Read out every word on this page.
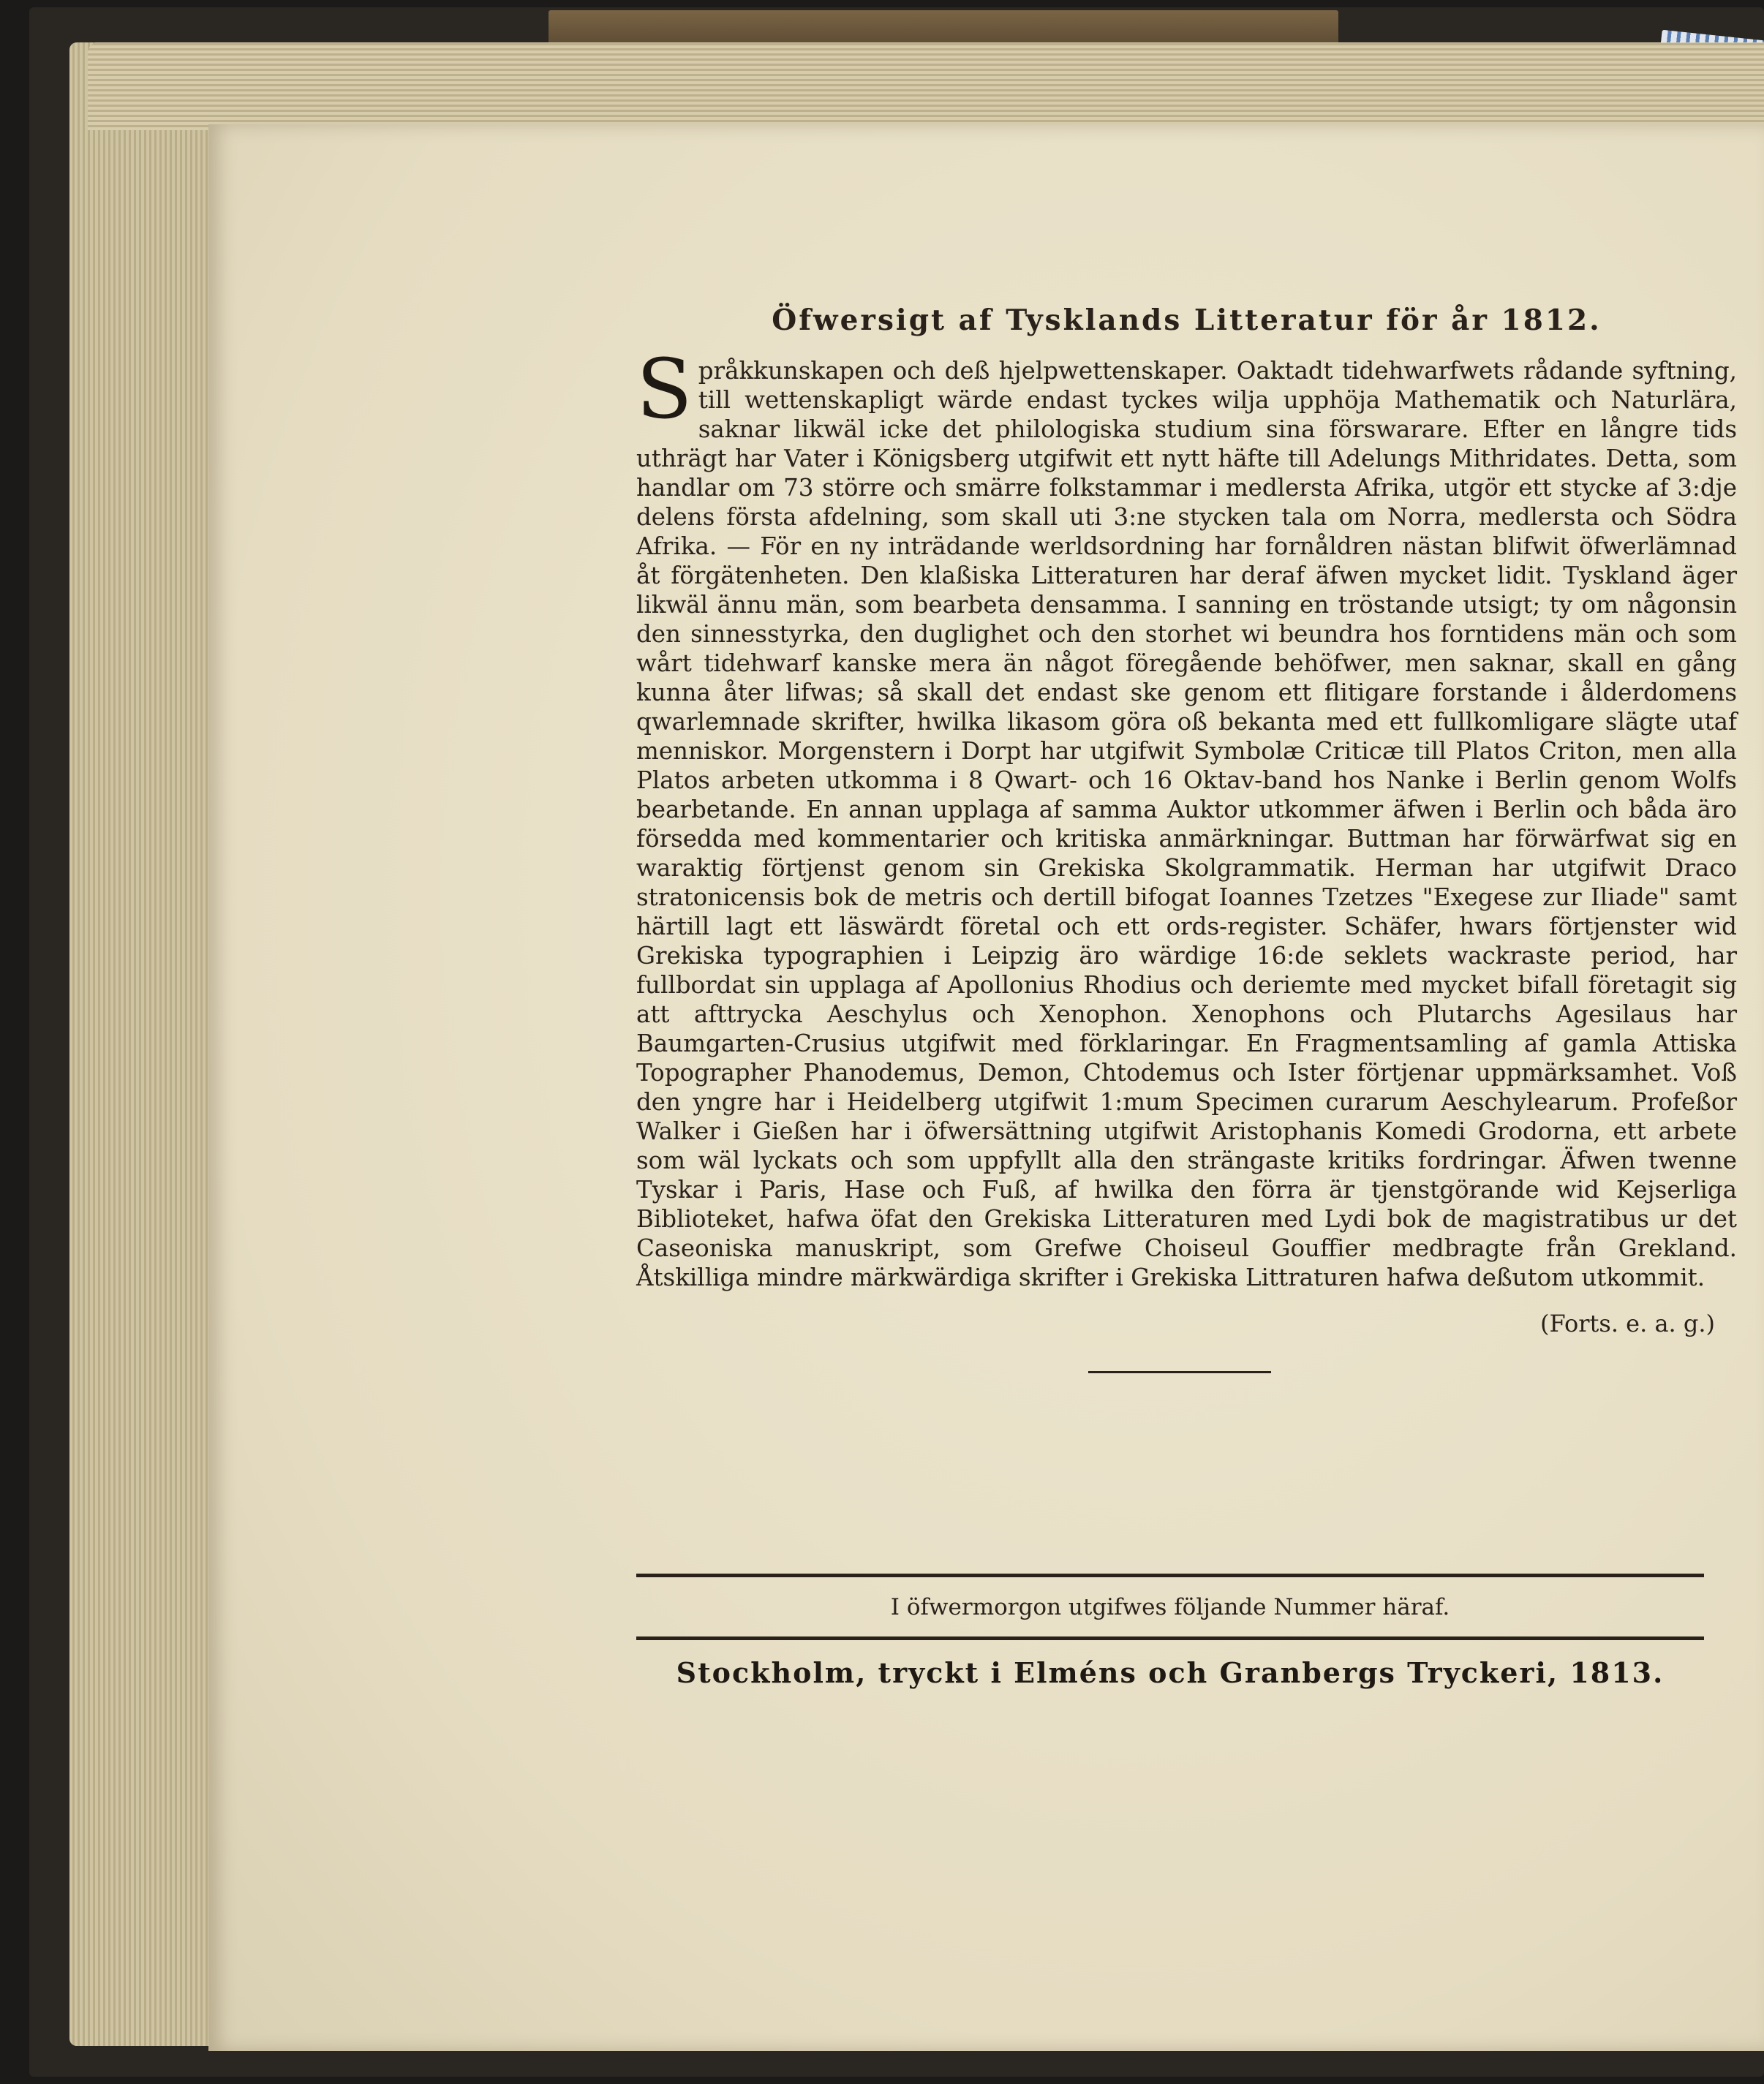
Öfwersigt af Tysklands Litteratur för år 1812.

Språkkunskapen och deß hjelpwettenskaper. Oaktadt tidehwarfwets rådande syftning, till wettenskapligt wärde endast tyckes wilja upphöja Mathematik och Naturlära, saknar likwäl icke det philologiska studium sina förswarare. Efter en långre tids uthrägt har Vater i Königsberg utgifwit ett nytt häfte till Adelungs Mithridates. Detta, som handlar om 73 större och smärre folkstammar i medlersta Afrika, utgör ett stycke af 3:dje delens första afdelning, som skall uti 3:ne stycken tala om Norra, medlersta och Södra Afrika. — För en ny inträdande werldsordning har fornåldren nästan blifwit öfwerlämnad åt förgätenheten. Den klaßiska Litteraturen har deraf äfwen mycket lidit. Tyskland äger likwäl ännu män, som bearbeta densamma. I sanning en tröstande utsigt; ty om någonsin den sinnesstyrka, den duglighet och den storhet wi beundra hos forntidens män och som wårt tidehwarf kanske mera än något föregående behöfwer, men saknar, skall en gång kunna åter lifwas; så skall det endast ske genom ett flitigare forstande i ålderdomens qwarlemnade skrifter, hwilka likasom göra oß bekanta med ett fullkomligare slägte utaf menniskor. Morgenstern i Dorpt har utgifwit Symbolæ Criticæ till Platos Criton, men alla Platos arbeten utkomma i 8 Qwart- och 16 Oktav-band hos Nanke i Berlin genom Wolfs bearbetande. En annan upplaga af samma Auktor utkommer äfwen i Berlin och båda äro försedda med kommentarier och kritiska anmärkningar. Buttman har förwärfwat sig en waraktig förtjenst genom sin Grekiska Skolgrammatik. Herman har utgifwit Draco stratonicensis bok de metris och dertill bifogat Ioannes Tzetzes "Exegese zur Iliade" samt härtill lagt ett läswärdt företal och ett ords-register. Schäfer, hwars förtjenster wid Grekiska typographien i Leipzig äro wärdige 16:de seklets wackraste period, har fullbordat sin upplaga af Apollonius Rhodius och deriemte med mycket bifall företagit sig att afttrycka Aeschylus och Xenophon. Xenophons och Plutarchs Agesilaus har Baumgarten-Crusius utgifwit med förklaringar. En Fragmentsamling af gamla Attiska Topographer Phanodemus, Demon, Chtodemus och Ister förtjenar uppmärksamhet. Voß den yngre har i Heidelberg utgifwit 1:mum Specimen curarum Aeschylearum. Profeßor Walker i Gießen har i öfwersättning utgifwit Aristophanis Komedi Grodorna, ett arbete som wäl lyckats och som uppfyllt alla den strängaste kritiks fordringar. Äfwen twenne Tyskar i Paris, Hase och Fuß, af hwilka den förra är tjenstgörande wid Kejserliga Biblioteket, hafwa öfat den Grekiska Litteraturen med Lydi bok de magistratibus ur det Caseoniska manuskript, som Grefwe Choiseul Gouffier medbragte från Grekland. Åtskilliga mindre märkwärdiga skrifter i Grekiska Littraturen hafwa deßutom utkommit.

(Forts. e. a. g.)
I öfwermorgon utgifwes följande Nummer häraf.
Stockholm, tryckt i Elméns och Granbergs Tryckeri, 1813.
